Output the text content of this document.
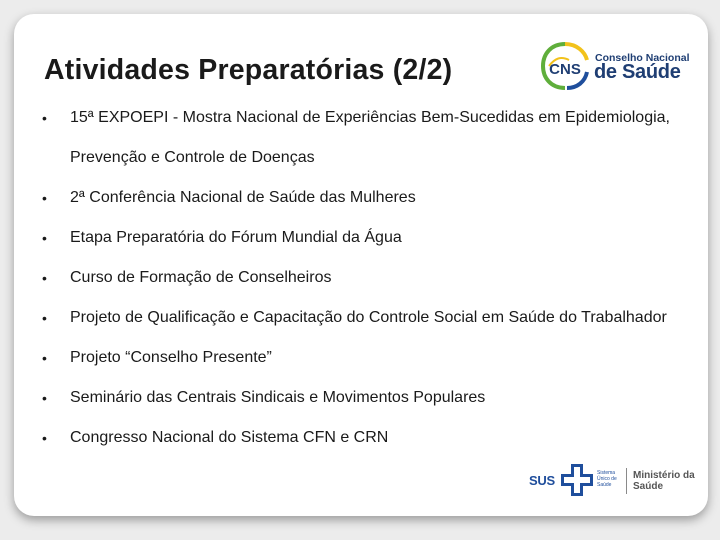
Atividades Preparatórias (2/2)	CNS
Conselho Nacional
de Saúde
• 15ª EXPOEPI - Mostra Nacional de Experiências Bem-Sucedidas em Epidemiologia, Prevenção e Controle de Doenças
• 2ª Conferência Nacional de Saúde das Mulheres
• Etapa Preparatória do Fórum Mundial da Água
• Curso de Formação de Conselheiros
• Projeto de Qualificação e Capacitação do Controle Social em Saúde do Trabalhador
• Projeto “Conselho Presente”
• Seminário das Centrais Sindicais e Movimentos Populares
• Congresso Nacional do Sistema CFN e CRN
SUS	Sistema Único de Saúde
Ministério da
Saúde
